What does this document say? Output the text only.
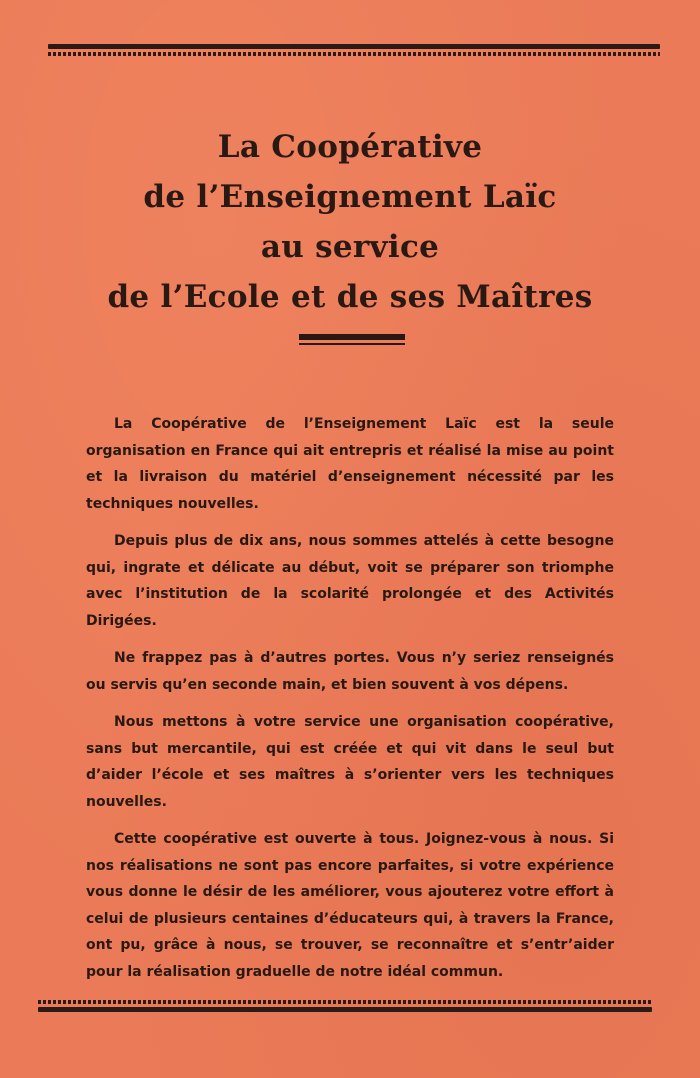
La Coopérative
de l’Enseignement Laïc
au service
de l’Ecole et de ses Maîtres

La Coopérative de l’Enseignement Laïc est la seule organisation en France qui ait entrepris et réalisé la mise au point et la livraison du matériel d’enseignement nécessité par les techniques nouvelles.

Depuis plus de dix ans, nous sommes attelés à cette besogne qui, ingrate et délicate au début, voit se préparer son triomphe avec l’institution de la scolarité prolongée et des Activités Dirigées.

Ne frappez pas à d’autres portes. Vous n’y seriez renseignés ou servis qu’en seconde main, et bien souvent à vos dépens.

Nous mettons à votre service une organisation coopérative, sans but mercantile, qui est créée et qui vit dans le seul but d’aider l’école et ses maîtres à s’orienter vers les techniques nouvelles.

Cette coopérative est ouverte à tous. Joignez-vous à nous. Si nos réalisations ne sont pas encore parfaites, si votre expérience vous donne le désir de les améliorer, vous ajouterez votre effort à celui de plusieurs centaines d’éducateurs qui, à travers la France, ont pu, grâce à nous, se trouver, se reconnaître et s’entr’aider pour la réalisation graduelle de notre idéal commun.
